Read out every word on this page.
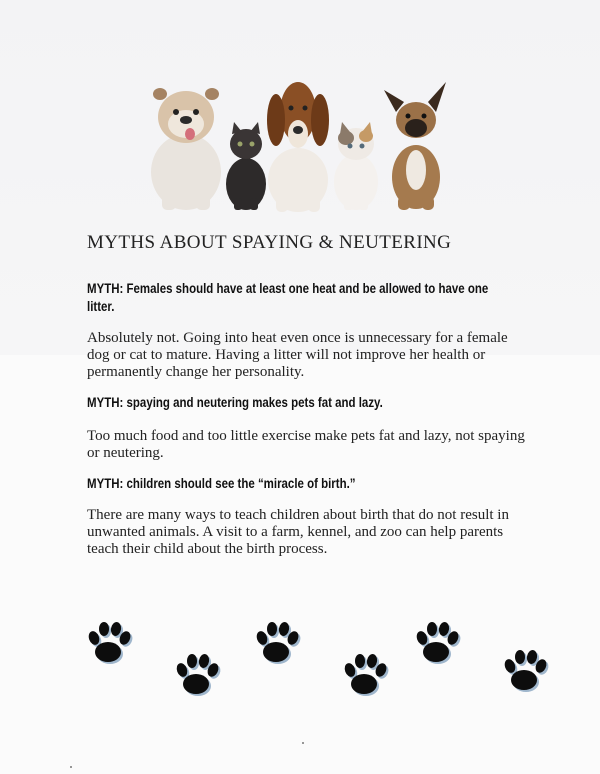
MYTHS ABOUT SPAYING & NEUTERING

MYTH: Females should have at least one heat and be allowed to have one litter.

Absolutely not. Going into heat even once is unnecessary for a female dog or cat to mature. Having a litter will not improve her health or permanently change her personality.

MYTH: spaying and neutering makes pets fat and lazy.

Too much food and too little exercise make pets fat and lazy, not spaying or neutering.

MYTH: children should see the “miracle of birth.”

There are many ways to teach children about birth that do not result in unwanted animals. A visit to a farm, kennel, and zoo can help parents teach their child about the birth process.
